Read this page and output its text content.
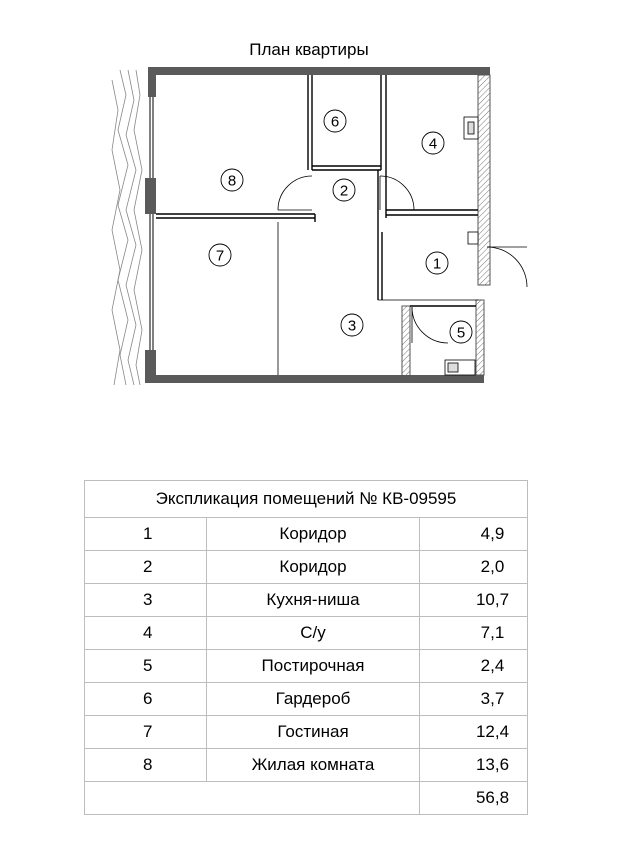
План квартиры
8
6
4
2
7	1
3	5
Экспликация помещений № КВ-09595		
1	Коридор	4,9
2	Коридор	2,0
3	Кухня-ниша	10,7
4	С/у	7,1
5	Постирочная	2,4
6	Гардероб	3,7
7	Гостиная	12,4
8	Жилая комната	13,6
		56,8
